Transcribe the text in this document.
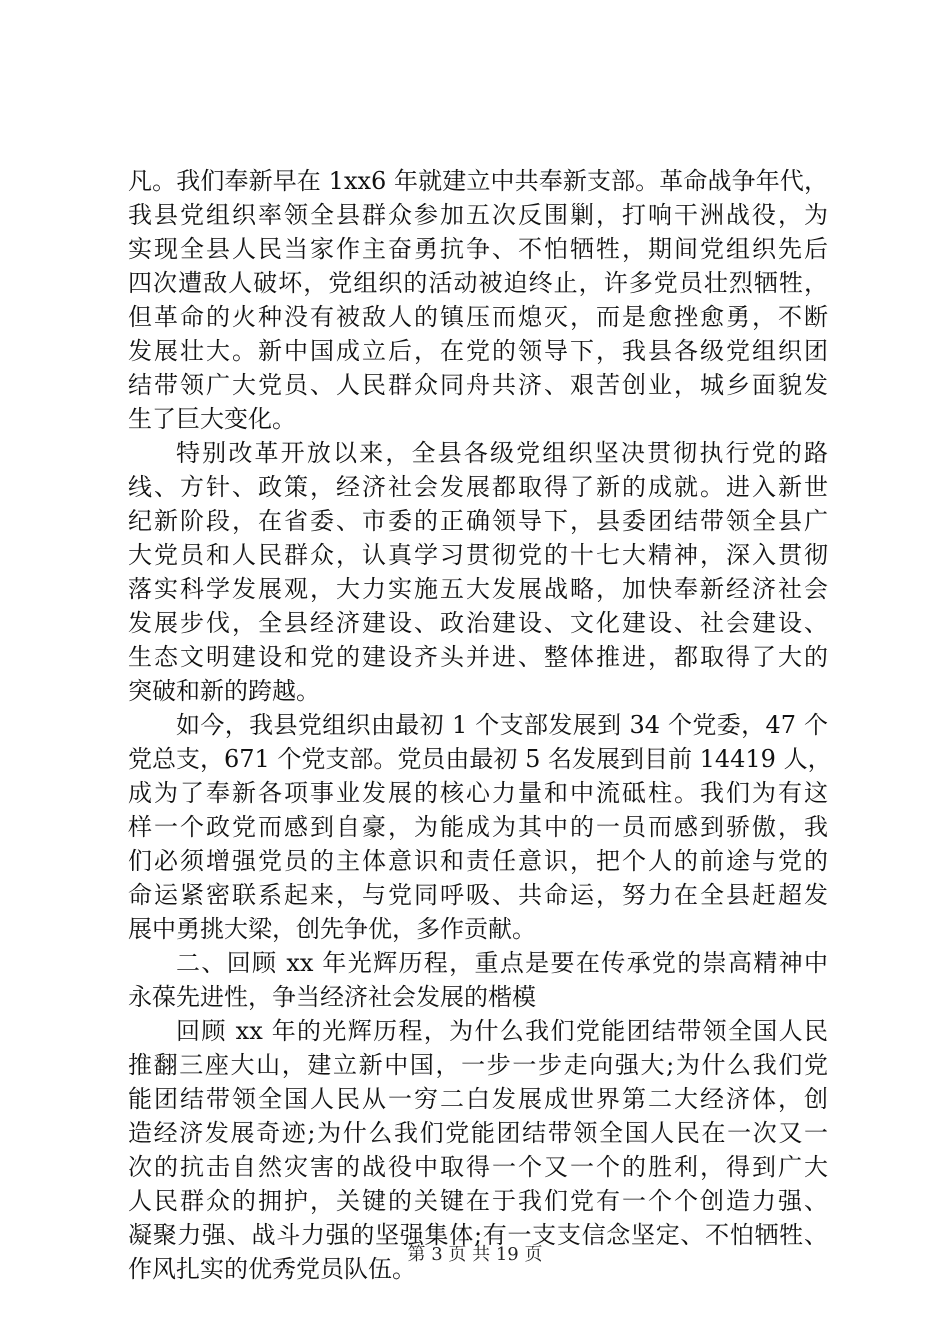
凡。我们奉新早在 1xx6 年就建立中共奉新支部。革命战争年代，
我县党组织率领全县群众参加五次反围剿，打响干洲战役，为
实现全县人民当家作主奋勇抗争、不怕牺牲，期间党组织先后
四次遭敌人破坏，党组织的活动被迫终止，许多党员壮烈牺牲，
但革命的火种没有被敌人的镇压而熄灭，而是愈挫愈勇，不断
发展壮大。新中国成立后，在党的领导下，我县各级党组织团
结带领广大党员、人民群众同舟共济、艰苦创业，城乡面貌发
生了巨大变化。
特别改革开放以来，全县各级党组织坚决贯彻执行党的路
线、方针、政策，经济社会发展都取得了新的成就。进入新世
纪新阶段，在省委、市委的正确领导下，县委团结带领全县广
大党员和人民群众，认真学习贯彻党的十七大精神，深入贯彻
落实科学发展观，大力实施五大发展战略，加快奉新经济社会
发展步伐，全县经济建设、政治建设、文化建设、社会建设、
生态文明建设和党的建设齐头并进、整体推进，都取得了大的
突破和新的跨越。
如今，我县党组织由最初 1 个支部发展到 34 个党委，47 个
党总支，671 个党支部。党员由最初 5 名发展到目前 14419 人，
成为了奉新各项事业发展的核心力量和中流砥柱。我们为有这
样一个政党而感到自豪，为能成为其中的一员而感到骄傲，我
们必须增强党员的主体意识和责任意识，把个人的前途与党的
命运紧密联系起来，与党同呼吸、共命运，努力在全县赶超发
展中勇挑大梁，创先争优，多作贡献。
二、回顾 xx 年光辉历程，重点是要在传承党的崇高精神中
永葆先进性，争当经济社会发展的楷模
回顾 xx 年的光辉历程，为什么我们党能团结带领全国人民
推翻三座大山，建立新中国，一步一步走向强大;为什么我们党
能团结带领全国人民从一穷二白发展成世界第二大经济体，创
造经济发展奇迹;为什么我们党能团结带领全国人民在一次又一
次的抗击自然灾害的战役中取得一个又一个的胜利，得到广大
人民群众的拥护，关键的关键在于我们党有一个个创造力强、
凝聚力强、战斗力强的坚强集体;有一支支信念坚定、不怕牺牲、
作风扎实的优秀党员队伍。
第 3 页 共 19 页
